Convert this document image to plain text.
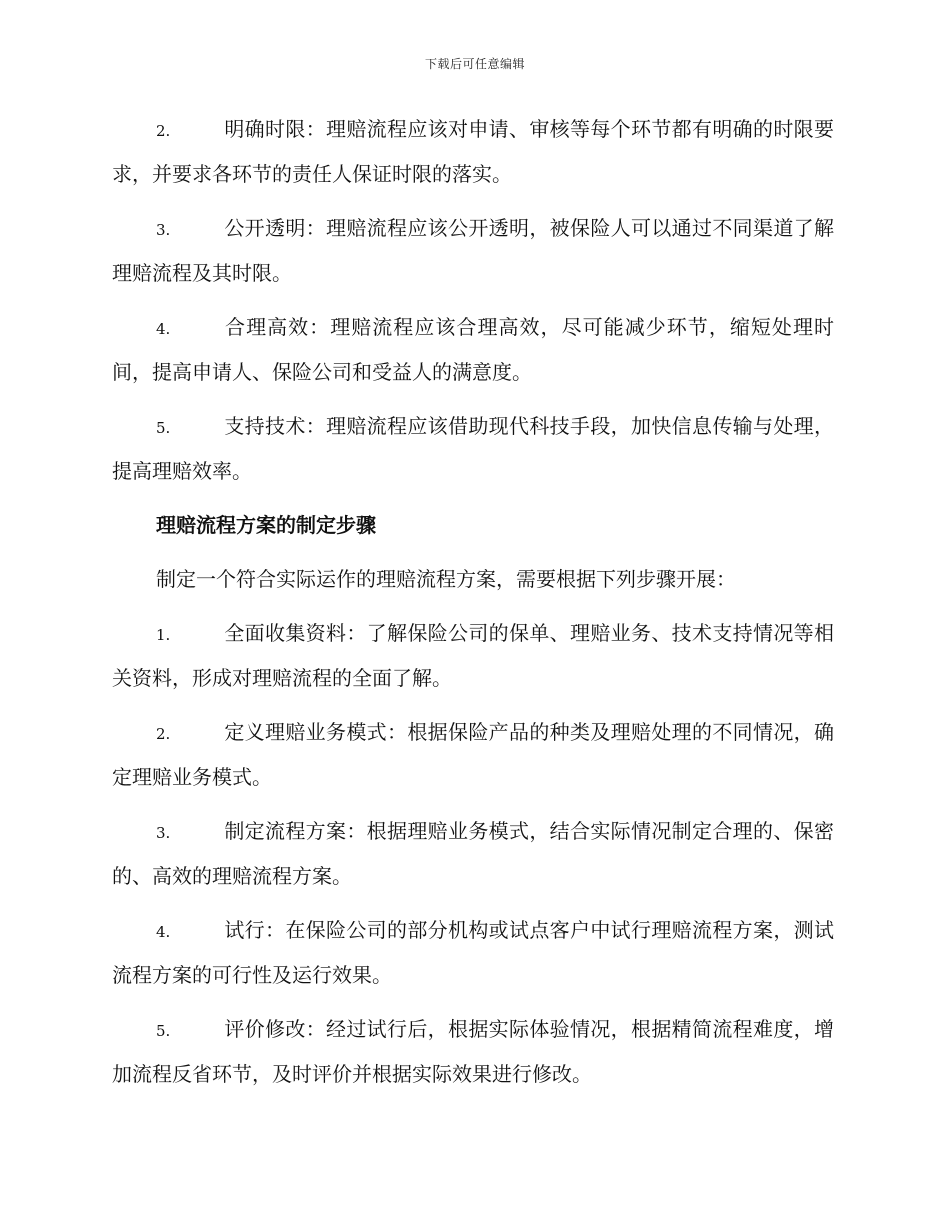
下载后可任意编辑

2.	明确时限：理赔流程应该对申请、审核等每个环节都有明确的时限要求，并要求各环节的责任人保证时限的落实。

3.	公开透明：理赔流程应该公开透明，被保险人可以通过不同渠道了解理赔流程及其时限。

4.	合理高效：理赔流程应该合理高效，尽可能减少环节，缩短处理时间，提高申请人、保险公司和受益人的满意度。

5.	支持技术：理赔流程应该借助现代科技手段，加快信息传输与处理，提高理赔效率。

理赔流程方案的制定步骤

制定一个符合实际运作的理赔流程方案，需要根据下列步骤开展：

1.	全面收集资料：了解保险公司的保单、理赔业务、技术支持情况等相关资料，形成对理赔流程的全面了解。

2.	定义理赔业务模式：根据保险产品的种类及理赔处理的不同情况，确定理赔业务模式。

3.	制定流程方案：根据理赔业务模式，结合实际情况制定合理的、保密的、高效的理赔流程方案。

4.	试行：在保险公司的部分机构或试点客户中试行理赔流程方案，测试流程方案的可行性及运行效果。

5.	评价修改：经过试行后，根据实际体验情况，根据精简流程难度，增加流程反省环节，及时评价并根据实际效果进行修改。
